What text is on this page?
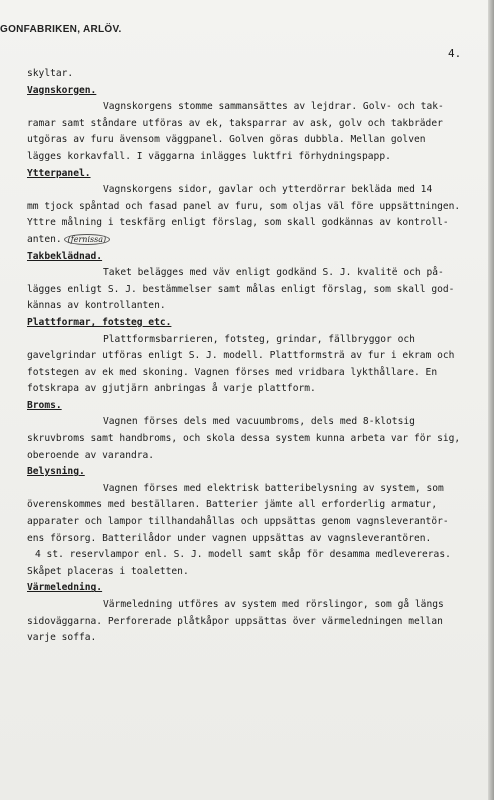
GONFABRIKEN, ARLÖV.
4.
skyltar.
Vagnskorgen.
Vagnskorgens stomme sammansättes av lejdrar. Golv- och tak-
ramar samt ståndare utföras av ek, taksparrar av ask, golv och takbräder
utgöras av furu ävensom väggpanel. Golven göras dubbla. Mellan golven
lägges korkavfall. I väggarna inlägges luktfri förhydningspapp.
Ytterpanel.
Vagnskorgens sidor, gavlar och ytterdörrar bekläda med 14
mm tjock spåntad och fasad panel av furu, som oljas väl före uppsättningen.
Yttre målning i teskfärg enligt förslag, som skall godkännas av kontroll-
anten. (fernissa)
Takbeklädnad.
Taket belägges med väv enligt godkänd S. J. kvalitë och på-
lägges enligt S. J. bestämmelser samt målas enligt förslag, som skall god-
kännas av kontrollanten.
Plattformar, fotsteg etc.
Plattformsbarrieren, fotsteg, grindar, fällbryggor och
gavelgrindar utföras enligt S. J. modell. Plattformsträ av fur i ekram och
fotstegen av ek med skoning. Vagnen förses med vridbara lykthållare. En
fotskrapa av gjutjärn anbringas å varje plattform.
Broms.
Vagnen förses dels med vacuumbroms, dels med 8-klotsig
skruvbroms samt handbroms, och skola dessa system kunna arbeta var för sig,
oberoende av varandra.
Belysning.
Vagnen förses med elektrisk batteribelysning av system, som
överenskommes med beställaren. Batterier jämte all erforderlig armatur,
apparater och lampor tillhandahållas och uppsättas genom vagnsleverantör-
ens försorg. Batterilådor under vagnen uppsättas av vagnsleverantören.
4 st. reservlampor enl. S. J. modell samt skåp för desamma medlevereras.
Skåpet placeras i toaletten.
Värmeledning.
Värmeledning utföres av system med rörslingor, som gå längs
sidoväggarna. Perforerade plåtkåpor uppsättas över värmeledningen mellan
varje soffa.
